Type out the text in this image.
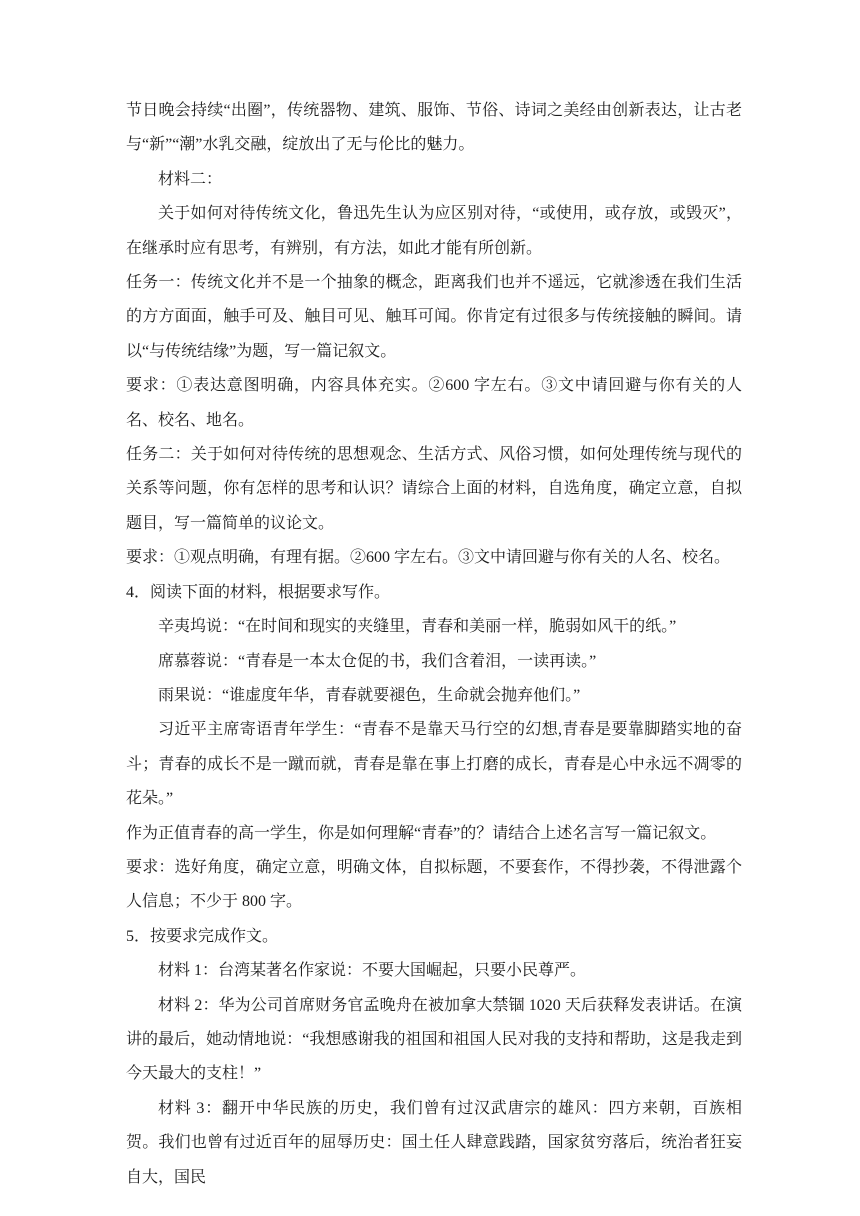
节日晚会持续“出圈”，传统器物、建筑、服饰、节俗、诗词之美经由创新表达，让古老与“新”“潮”水乳交融，绽放出了无与伦比的魅力。

材料二：

关于如何对待传统文化，鲁迅先生认为应区别对待，“或使用，或存放，或毁灭”，在继承时应有思考，有辨别，有方法，如此才能有所创新。

任务一：传统文化并不是一个抽象的概念，距离我们也并不遥远，它就渗透在我们生活的方方面面，触手可及、触目可见、触耳可闻。你肯定有过很多与传统接触的瞬间。请以“与传统结缘”为题，写一篇记叙文。

要求：①表达意图明确，内容具体充实。②600 字左右。③文中请回避与你有关的人名、校名、地名。

任务二：关于如何对待传统的思想观念、生活方式、风俗习惯，如何处理传统与现代的关系等问题，你有怎样的思考和认识？请综合上面的材料，自选角度，确定立意，自拟题目，写一篇简单的议论文。

要求：①观点明确，有理有据。②600 字左右。③文中请回避与你有关的人名、校名。

4．阅读下面的材料，根据要求写作。

辛夷坞说：“在时间和现实的夹缝里，青春和美丽一样，脆弱如风干的纸。”

席慕蓉说：“青春是一本太仓促的书，我们含着泪，一读再读。”

雨果说：“谁虚度年华，青春就要褪色，生命就会抛弃他们。”

习近平主席寄语青年学生：“青春不是靠天马行空的幻想,青春是要靠脚踏实地的奋斗；青春的成长不是一蹴而就，青春是靠在事上打磨的成长，青春是心中永远不凋零的花朵。”

作为正值青春的高一学生，你是如何理解“青春”的？请结合上述名言写一篇记叙文。

要求：选好角度，确定立意，明确文体，自拟标题，不要套作，不得抄袭，不得泄露个人信息；不少于 800 字。

5．按要求完成作文。

材料 1：台湾某著名作家说：不要大国崛起，只要小民尊严。

材料 2：华为公司首席财务官孟晚舟在被加拿大禁锢 1020 天后获释发表讲话。在演讲的最后，她动情地说：“我想感谢我的祖国和祖国人民对我的支持和帮助，这是我走到今天最大的支柱！”

材料 3：翻开中华民族的历史，我们曾有过汉武唐宗的雄风：四方来朝，百族相贺。我们也曾有过近百年的屈辱历史：国土任人肆意践踏，国家贫穷落后，统治者狂妄自大，国民
